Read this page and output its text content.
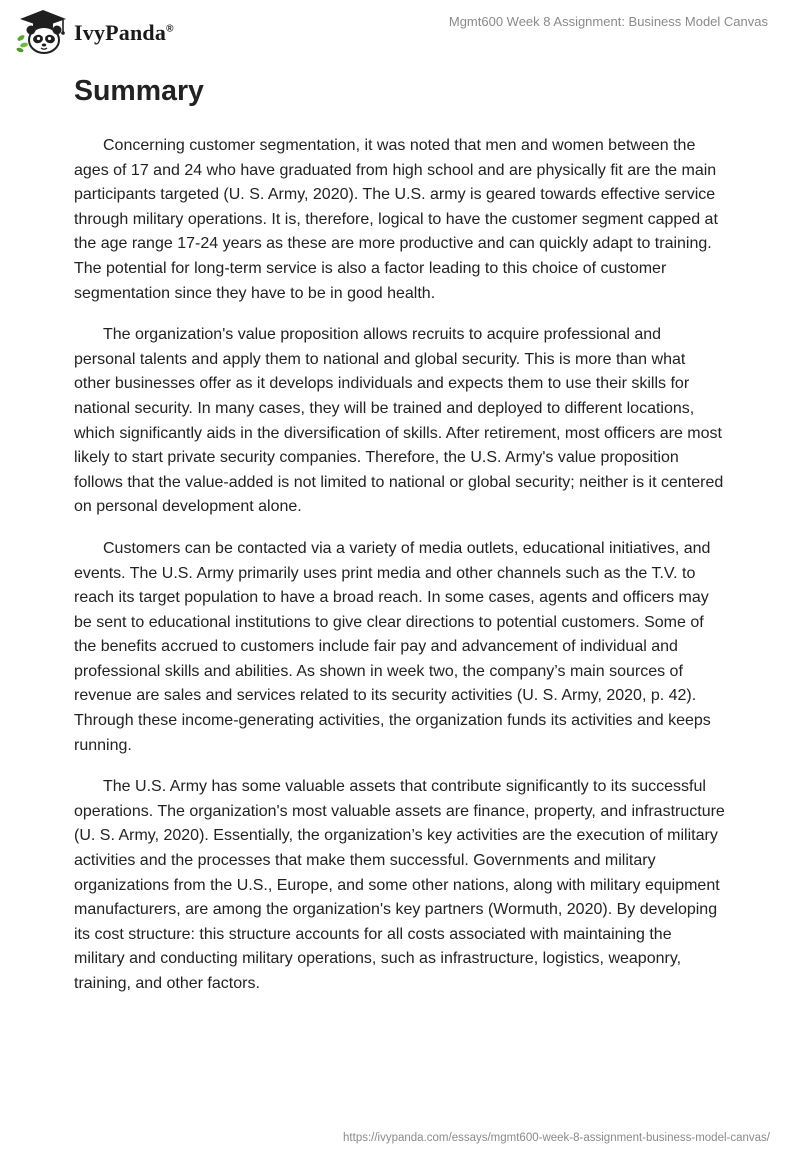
IvyPanda®
Mgmt600 Week 8 Assignment: Business Model Canvas
Summary

Concerning customer segmentation, it was noted that men and women between the ages of 17 and 24 who have graduated from high school and are physically fit are the main participants targeted (U. S. Army, 2020). The U.S. army is geared towards effective service through military operations. It is, therefore, logical to have the customer segment capped at the age range 17-24 years as these are more productive and can quickly adapt to training. The potential for long-term service is also a factor leading to this choice of customer segmentation since they have to be in good health.

The organization's value proposition allows recruits to acquire professional and personal talents and apply them to national and global security. This is more than what other businesses offer as it develops individuals and expects them to use their skills for national security. In many cases, they will be trained and deployed to different locations, which significantly aids in the diversification of skills. After retirement, most officers are most likely to start private security companies. Therefore, the U.S. Army's value proposition follows that the value-added is not limited to national or global security; neither is it centered on personal development alone.

Customers can be contacted via a variety of media outlets, educational initiatives, and events. The U.S. Army primarily uses print media and other channels such as the T.V. to reach its target population to have a broad reach. In some cases, agents and officers may be sent to educational institutions to give clear directions to potential customers. Some of the benefits accrued to customers include fair pay and advancement of individual and professional skills and abilities. As shown in week two, the company’s main sources of revenue are sales and services related to its security activities (U. S. Army, 2020, p. 42). Through these income-generating activities, the organization funds its activities and keeps running.

The U.S. Army has some valuable assets that contribute significantly to its successful operations. The organization's most valuable assets are finance, property, and infrastructure (U. S. Army, 2020). Essentially, the organization’s key activities are the execution of military activities and the processes that make them successful. Governments and military organizations from the U.S., Europe, and some other nations, along with military equipment manufacturers, are among the organization's key partners (Wormuth, 2020). By developing its cost structure: this structure accounts for all costs associated with maintaining the military and conducting military operations, such as infrastructure, logistics, weaponry, training, and other factors.

https://ivypanda.com/essays/mgmt600-week-8-assignment-business-model-canvas/
